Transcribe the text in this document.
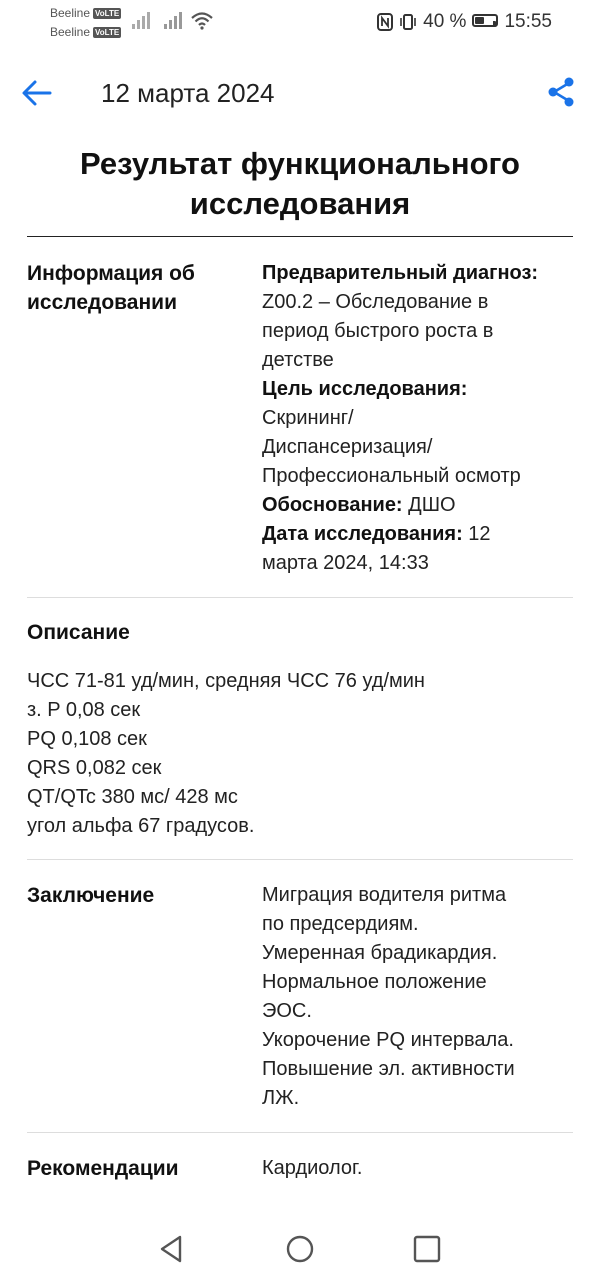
Beeline VoLTE
Beeline VoLTE
40 % 15:55
12 марта 2024
Результат функционального
исследования
Информация об
исследовании
Предварительный диагноз:
Z00.2 – Обследование в
период быстрого роста в
детстве
Цель исследования:
Скрининг/
Диспансеризация/
Профессиональный осмотр
Обоснование: ДШО
Дата исследования: 12
марта 2024, 14:33
Описание
ЧСС 71-81 уд/мин, средняя ЧСС 76 уд/мин
з. P 0,08 сек
PQ 0,108 сек
QRS 0,082 сек
QT/QTc 380 мс/ 428 мс
угол альфа 67 градусов.
Заключение	Миграция водителя ритма
по предсердиям.
Умеренная брадикардия.
Нормальное положение
ЭОС.
Укорочение PQ интервала.
Повышение эл. активности
ЛЖ.
Рекомендации	Кардиолог.
